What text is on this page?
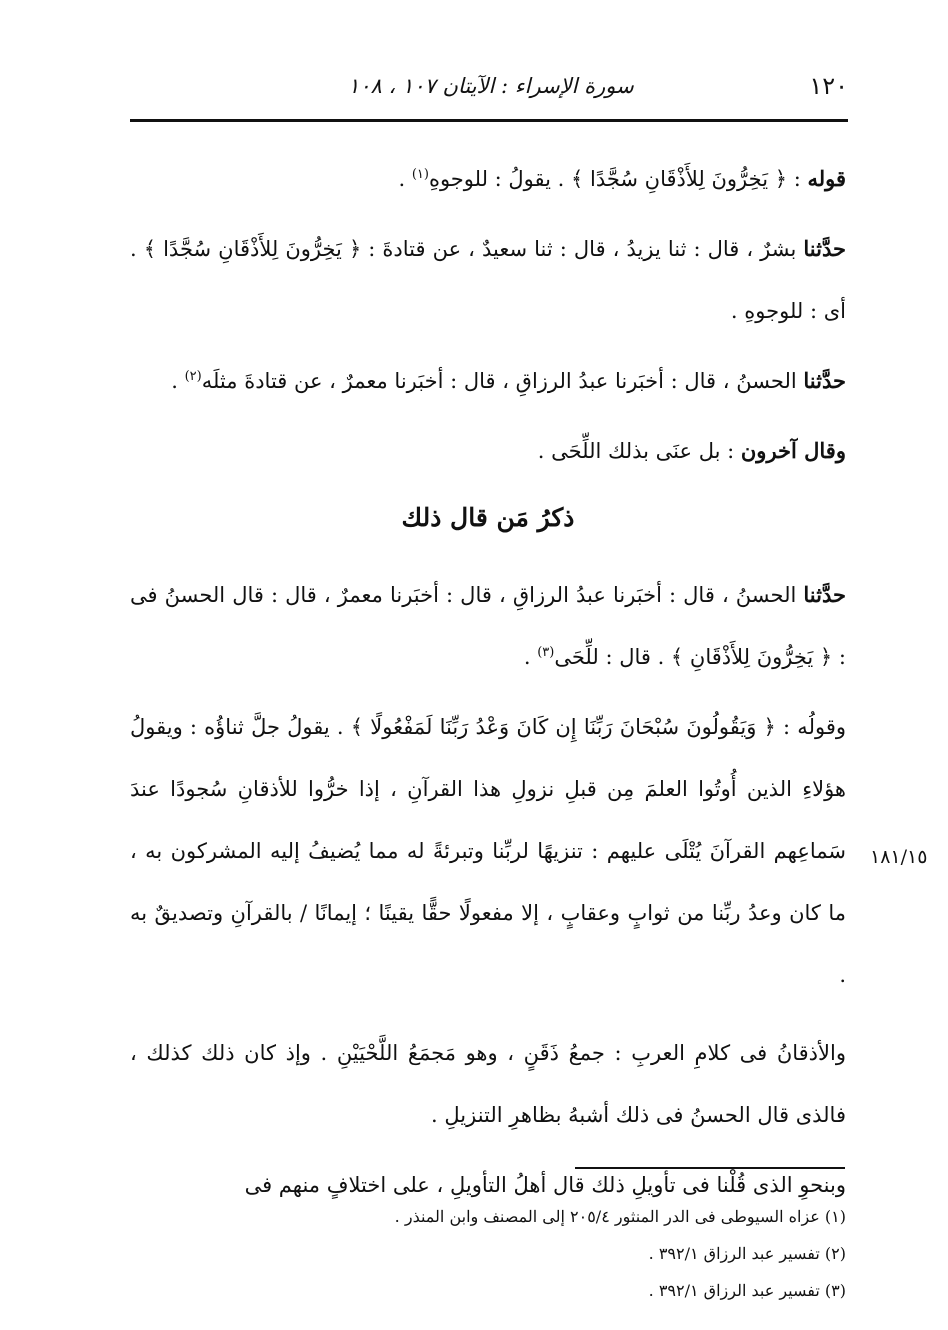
١٢٠
سورة الإسراء : الآيتان ١٠٧ ، ١٠٨

قوله : ﴿ يَخِرُّونَ لِلأَذْقَانِ سُجَّدًا ﴾ . يقولُ : للوجوهِ$^{(١)}$ .

حدَّثنا بشرٌ ، قال : ثنا يزيدُ ، قال : ثنا سعيدٌ ، عن قتادةَ : ﴿ يَخِرُّونَ لِلأَذْقَانِ سُجَّدًا ﴾ . أى : للوجوهِ .

حدَّثنا الحسنُ ، قال : أخبَرنا عبدُ الرزاقِ ، قال : أخبَرنا معمرٌ ، عن قتادةَ مثلَه$^{(٢)}$ .

وقال آخرون : بل عنَى بذلك اللِّحَى .

ذكرُ مَن قال ذلك

حدَّثنا الحسنُ ، قال : أخبَرنا عبدُ الرزاقِ ، قال : أخبَرنا معمرٌ ، قال : قال الحسنُ فى : ﴿ يَخِرُّونَ لِلأَذْقَانِ ﴾ . قال : للِّحَى$^{(٣)}$ .

وقولُه : ﴿ وَيَقُولُونَ سُبْحَانَ رَبِّنَا إِن كَانَ وَعْدُ رَبِّنَا لَمَفْعُولًا ﴾ . يقولُ جلَّ ثناؤُه : ويقولُ هؤلاءِ الذين أُوتُوا العلمَ مِن قبلِ نزولِ هذا القرآنِ ، إذا خرُّوا للأذقانِ سُجودًا عندَ سَماعِهم القرآنَ يُتْلَى عليهم : تنزيهًا لربِّنا وتبرئةً له مما يُضيفُ إليه المشركون به ، ما كان وعدُ ربِّنا من ثوابٍ وعقابٍ ، إلا مفعولًا حقًّا يقينًا ؛ إيمانًا / بالقرآنِ وتصديقٌ به .

والأذقانُ فى كلامِ العربِ : جمعُ ذَقَنٍ ، وهو مَجمَعُ اللَّحْيَيْنِ . وإذ كان ذلك كذلك ، فالذى قال الحسنُ فى ذلك أشبهُ بظاهرِ التنزيلِ .

وبنحوِ الذى قُلْنا فى تأويلِ ذلك قال أهلُ التأويلِ ، على اختلافٍ منهم فى

١٨١/١٥

(١) عزاه السيوطى فى الدر المنثور ٢٠٥/٤ إلى المصنف وابن المنذر .

(٢) تفسير عبد الرزاق ٣٩٢/١ .

(٣) تفسير عبد الرزاق ٣٩٢/١ .
